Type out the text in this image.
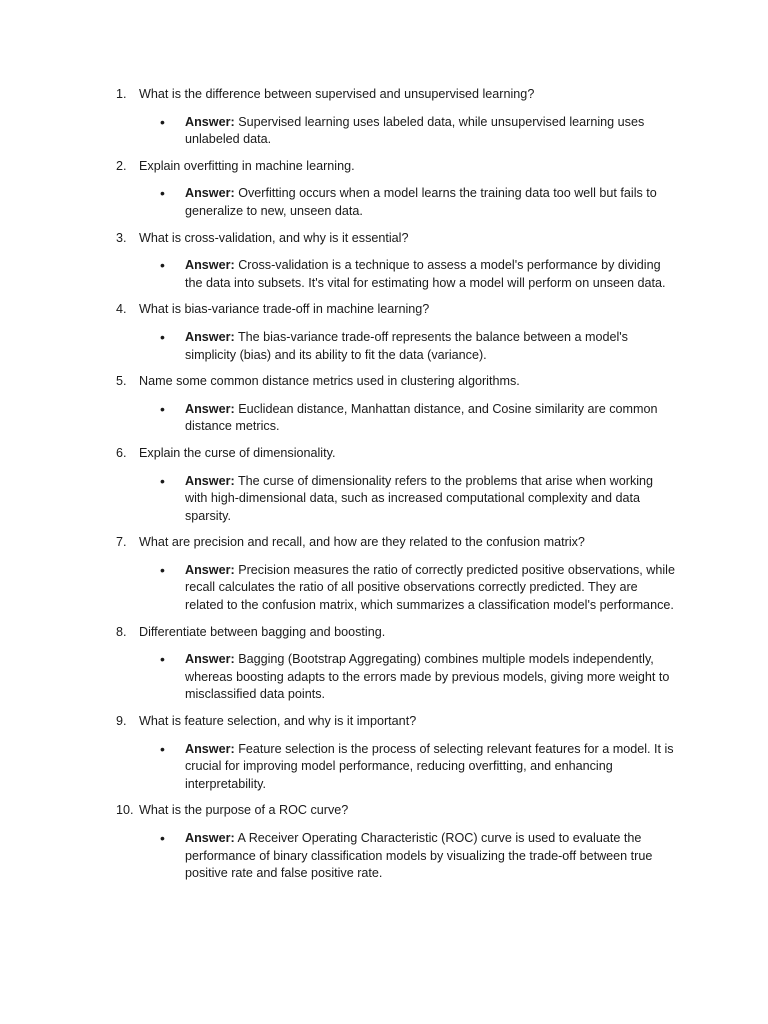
1. What is the difference between supervised and unsupervised learning?
• Answer: Supervised learning uses labeled data, while unsupervised learning uses unlabeled data.
2. Explain overfitting in machine learning.
• Answer: Overfitting occurs when a model learns the training data too well but fails to generalize to new, unseen data.
3. What is cross-validation, and why is it essential?
• Answer: Cross-validation is a technique to assess a model's performance by dividing the data into subsets. It's vital for estimating how a model will perform on unseen data.
4. What is bias-variance trade-off in machine learning?
• Answer: The bias-variance trade-off represents the balance between a model's simplicity (bias) and its ability to fit the data (variance).
5. Name some common distance metrics used in clustering algorithms.
• Answer: Euclidean distance, Manhattan distance, and Cosine similarity are common distance metrics.
6. Explain the curse of dimensionality.
• Answer: The curse of dimensionality refers to the problems that arise when working with high-dimensional data, such as increased computational complexity and data sparsity.
7. What are precision and recall, and how are they related to the confusion matrix?
• Answer: Precision measures the ratio of correctly predicted positive observations, while recall calculates the ratio of all positive observations correctly predicted. They are related to the confusion matrix, which summarizes a classification model's performance.
8. Differentiate between bagging and boosting.
• Answer: Bagging (Bootstrap Aggregating) combines multiple models independently, whereas boosting adapts to the errors made by previous models, giving more weight to misclassified data points.
9. What is feature selection, and why is it important?
• Answer: Feature selection is the process of selecting relevant features for a model. It is crucial for improving model performance, reducing overfitting, and enhancing interpretability.
10. What is the purpose of a ROC curve?
• Answer: A Receiver Operating Characteristic (ROC) curve is used to evaluate the performance of binary classification models by visualizing the trade-off between true positive rate and false positive rate.
